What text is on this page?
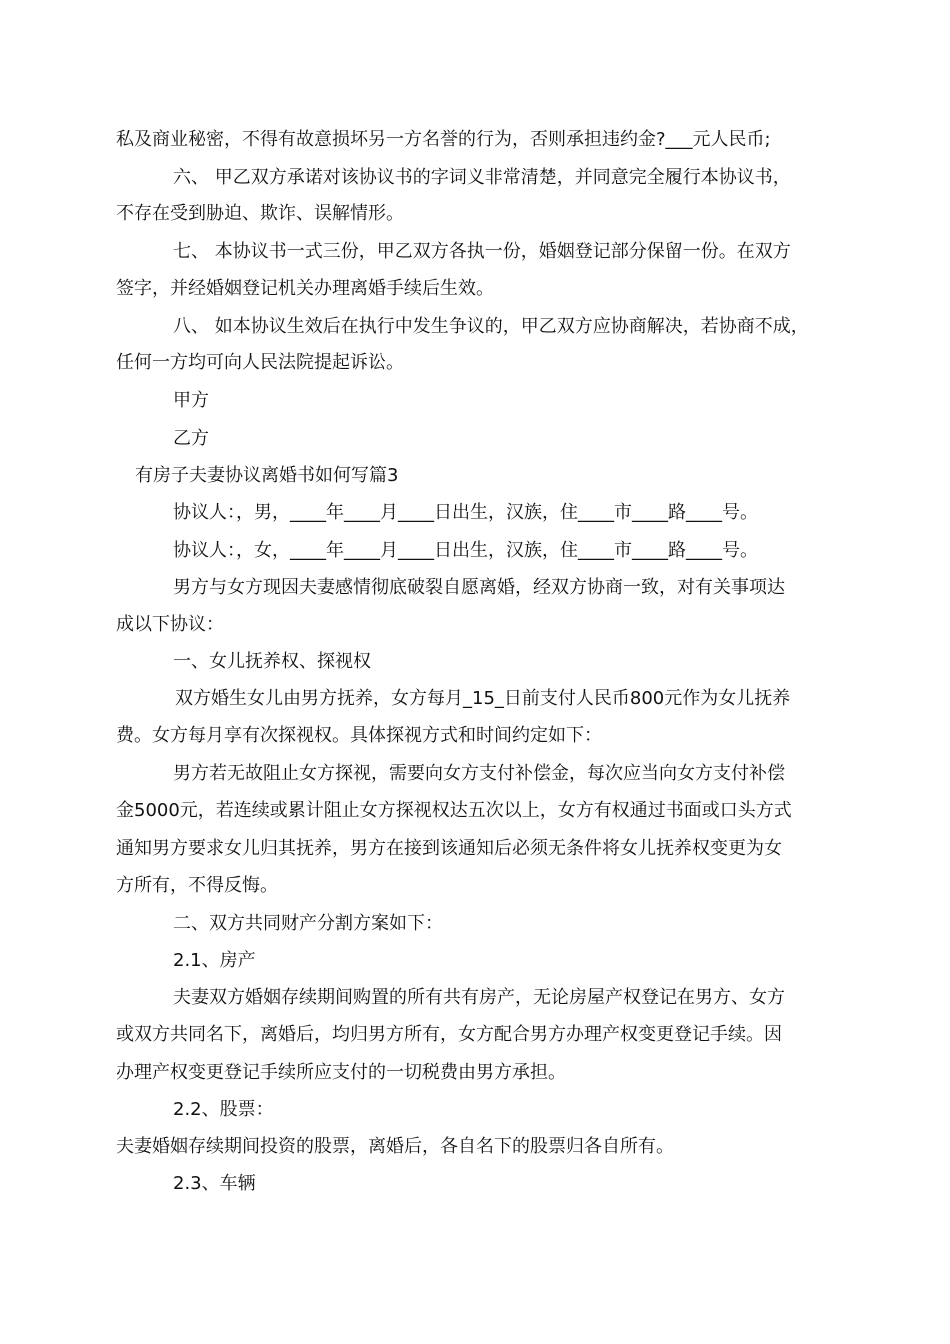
私及商业秘密，不得有故意损坏另一方名誉的行为，否则承担违约金?___元人民币;

六、 甲乙双方承诺对该协议书的字词义非常清楚，并同意完全履行本协议书，

不存在受到胁迫、欺诈、误解情形。

七、 本协议书一式三份，甲乙双方各执一份，婚姻登记部分保留一份。在双方

签字，并经婚姻登记机关办理离婚手续后生效。

八、 如本协议生效后在执行中发生争议的，甲乙双方应协商解决，若协商不成，

任何一方均可向人民法院提起诉讼。

甲方

乙方

有房子夫妻协议离婚书如何写篇3

协议人：，男，____年____月____日出生，汉族，住____市____路____号。

协议人：，女，____年____月____日出生，汉族，住____市____路____号。

男方与女方现因夫妻感情彻底破裂自愿离婚，经双方协商一致，对有关事项达

成以下协议：

一、女儿抚养权、探视权

双方婚生女儿由男方抚养，女方每月_15_日前支付人民币800元作为女儿抚养

费。女方每月享有次探视权。具体探视方式和时间约定如下：

男方若无故阻止女方探视，需要向女方支付补偿金，每次应当向女方支付补偿

金5000元，若连续或累计阻止女方探视权达五次以上，女方有权通过书面或口头方式

通知男方要求女儿归其抚养，男方在接到该通知后必须无条件将女儿抚养权变更为女

方所有，不得反悔。

二、双方共同财产分割方案如下：

2.1、房产

夫妻双方婚姻存续期间购置的所有共有房产，无论房屋产权登记在男方、女方

或双方共同名下，离婚后，均归男方所有，女方配合男方办理产权变更登记手续。因

办理产权变更登记手续所应支付的一切税费由男方承担。

2.2、股票：

夫妻婚姻存续期间投资的股票，离婚后，各自名下的股票归各自所有。

2.3、车辆
